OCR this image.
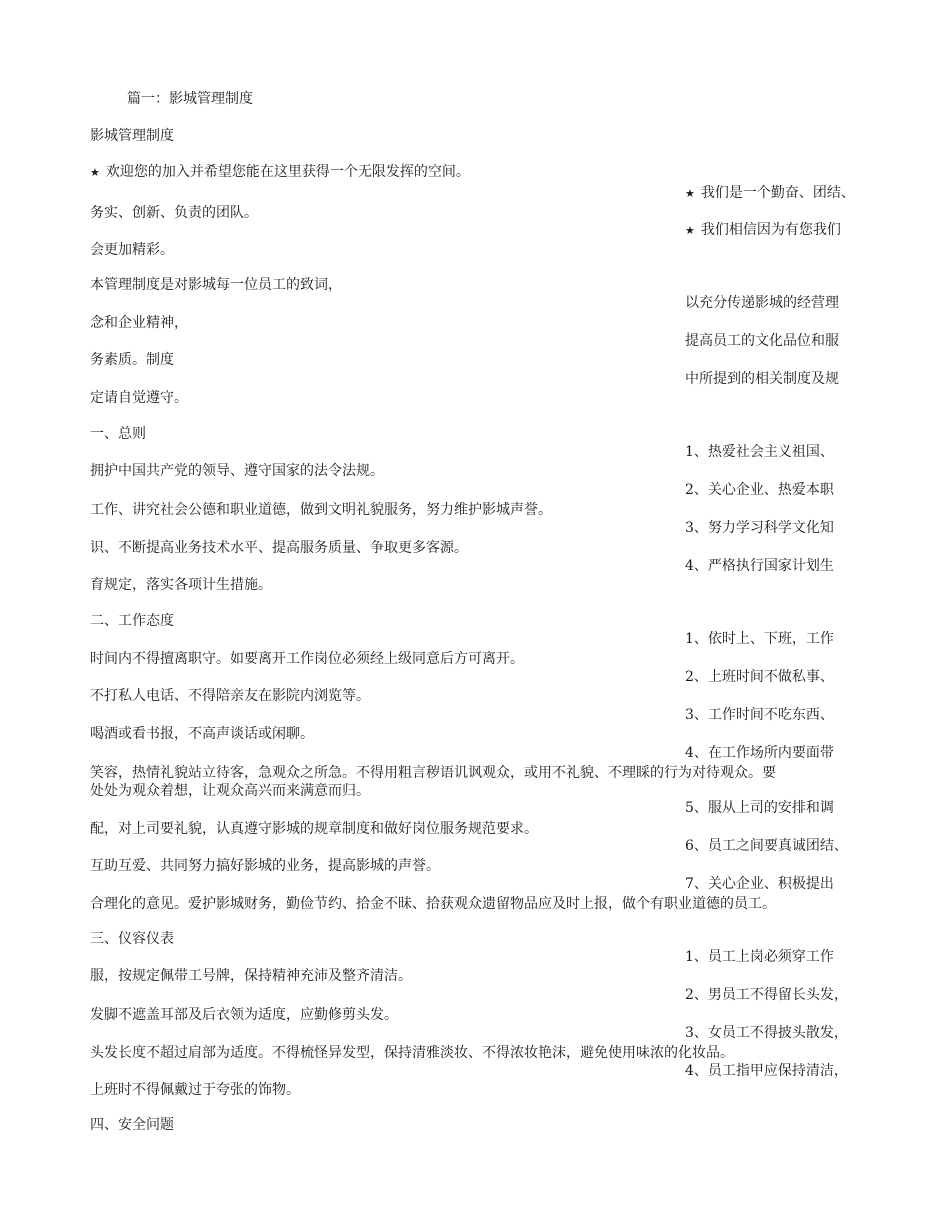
篇一：影城管理制度
影城管理制度
★ 欢迎您的加入并希望您能在这里获得一个无限发挥的空间。
务实、创新、负责的团队。
会更加精彩。
本管理制度是对影城每一位员工的致词，
念和企业精神，
务素质。制度
定请自觉遵守。
一、总则
拥护中国共产党的领导、遵守国家的法令法规。
工作、讲究社会公德和职业道德，做到文明礼貌服务，努力维护影城声誉。
识、不断提高业务技术水平、提高服务质量、争取更多客源。
育规定，落实各项计生措施。
二、工作态度
时间内不得擅离职守。如要离开工作岗位必须经上级同意后方可离开。
不打私人电话、不得陪亲友在影院内浏览等。
喝酒或看书报，不高声谈话或闲聊。
笑容，热情礼貌站立待客，急观众之所急。不得用粗言秽语讥讽观众，或用不礼貌、不理睬的行为对待观众。要
处处为观众着想，让观众高兴而来满意而归。
配，对上司要礼貌，认真遵守影城的规章制度和做好岗位服务规范要求。
互助互爱、共同努力搞好影城的业务，提高影城的声誉。
合理化的意见。爱护影城财务，勤俭节约、拾金不昧、拾获观众遗留物品应及时上报，做个有职业道德的员工。
三、仪容仪表
服，按规定佩带工号牌，保持精神充沛及整齐清洁。
发脚不遮盖耳部及后衣领为适度，应勤修剪头发。
头发长度不超过肩部为适度。不得梳怪异发型，保持清雅淡妆、不得浓妆艳沫，避免使用味浓的化妆品。
上班时不得佩戴过于夸张的饰物。
四、安全问题
★ 我们是一个勤奋、团结、
★ 我们相信因为有您我们
以充分传递影城的经营理
提高员工的文化品位和服
中所提到的相关制度及规
1、热爱社会主义祖国、
2、关心企业、热爱本职
3、努力学习科学文化知
4、严格执行国家计划生
1、依时上、下班，工作
2、上班时间不做私事、
3、工作时间不吃东西、
4、在工作场所内要面带
5、服从上司的安排和调
6、员工之间要真诚团结、
7、关心企业、积极提出
1、员工上岗必须穿工作
2、男员工不得留长头发，
3、女员工不得披头散发，
4、员工指甲应保持清洁，
